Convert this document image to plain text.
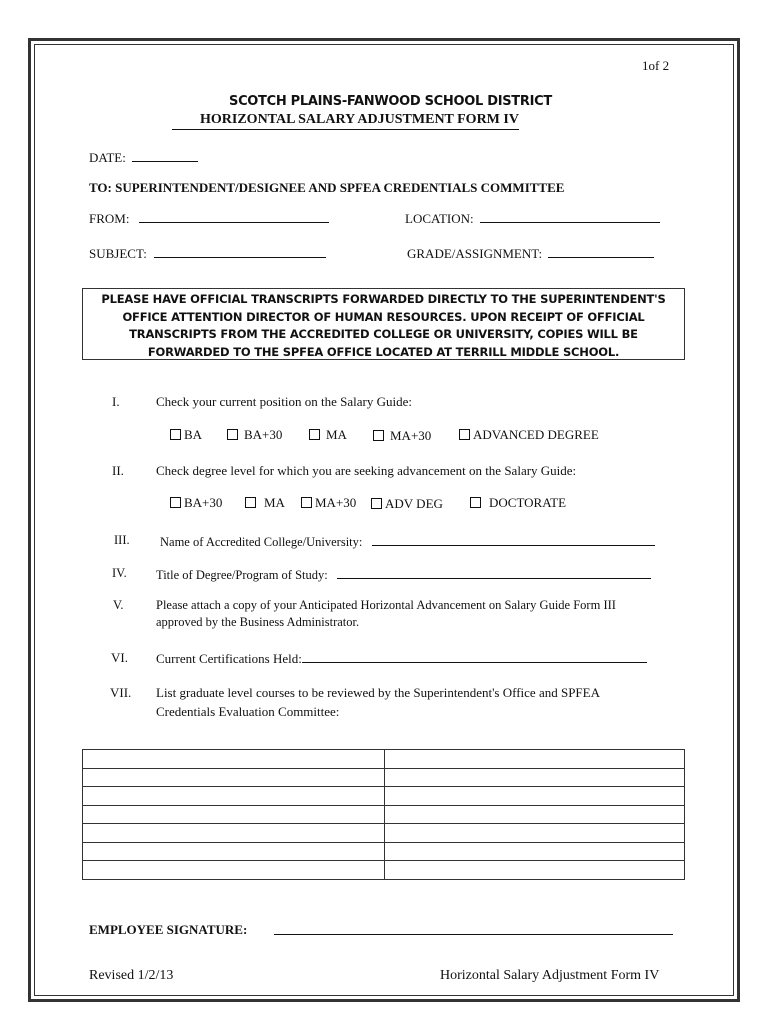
1of 2
SCOTCH PLAINS-FANWOOD SCHOOL DISTRICT
HORIZONTAL SALARY ADJUSTMENT FORM IV
DATE:
TO: SUPERINTENDENT/DESIGNEE AND SPFEA CREDENTIALS COMMITTEE
FROM:	LOCATION:
SUBJECT:	GRADE/ASSIGNMENT:
PLEASE HAVE OFFICIAL TRANSCRIPTS FORWARDED DIRECTLY TO THE SUPERINTENDENT'S
OFFICE ATTENTION DIRECTOR OF HUMAN RESOURCES. UPON RECEIPT OF OFFICIAL
TRANSCRIPTS FROM THE ACCREDITED COLLEGE OR UNIVERSITY, COPIES WILL BE
FORWARDED TO THE SPFEA OFFICE LOCATED AT TERRILL MIDDLE SCHOOL.
I.	Check your current position on the Salary Guide:
BA	BA+30	MA	MA+30	ADVANCED DEGREE
II. Check degree level for which you are seeking advancement on the Salary Guide:
BA+30	MA	MA+30	ADV DEG	DOCTORATE
III. Name of Accredited College/University:
IV. Title of Degree/Program of Study:
V.	Please attach a copy of your Anticipated Horizontal Advancement on Salary Guide Form III
approved by the Business Administrator.
VI. Current Certifications Held:
VII. List graduate level courses to be reviewed by the Superintendent's Office and SPFEA
Credentials Evaluation Committee:

EMPLOYEE SIGNATURE:
Revised 1/2/13	Horizontal Salary Adjustment Form IV
